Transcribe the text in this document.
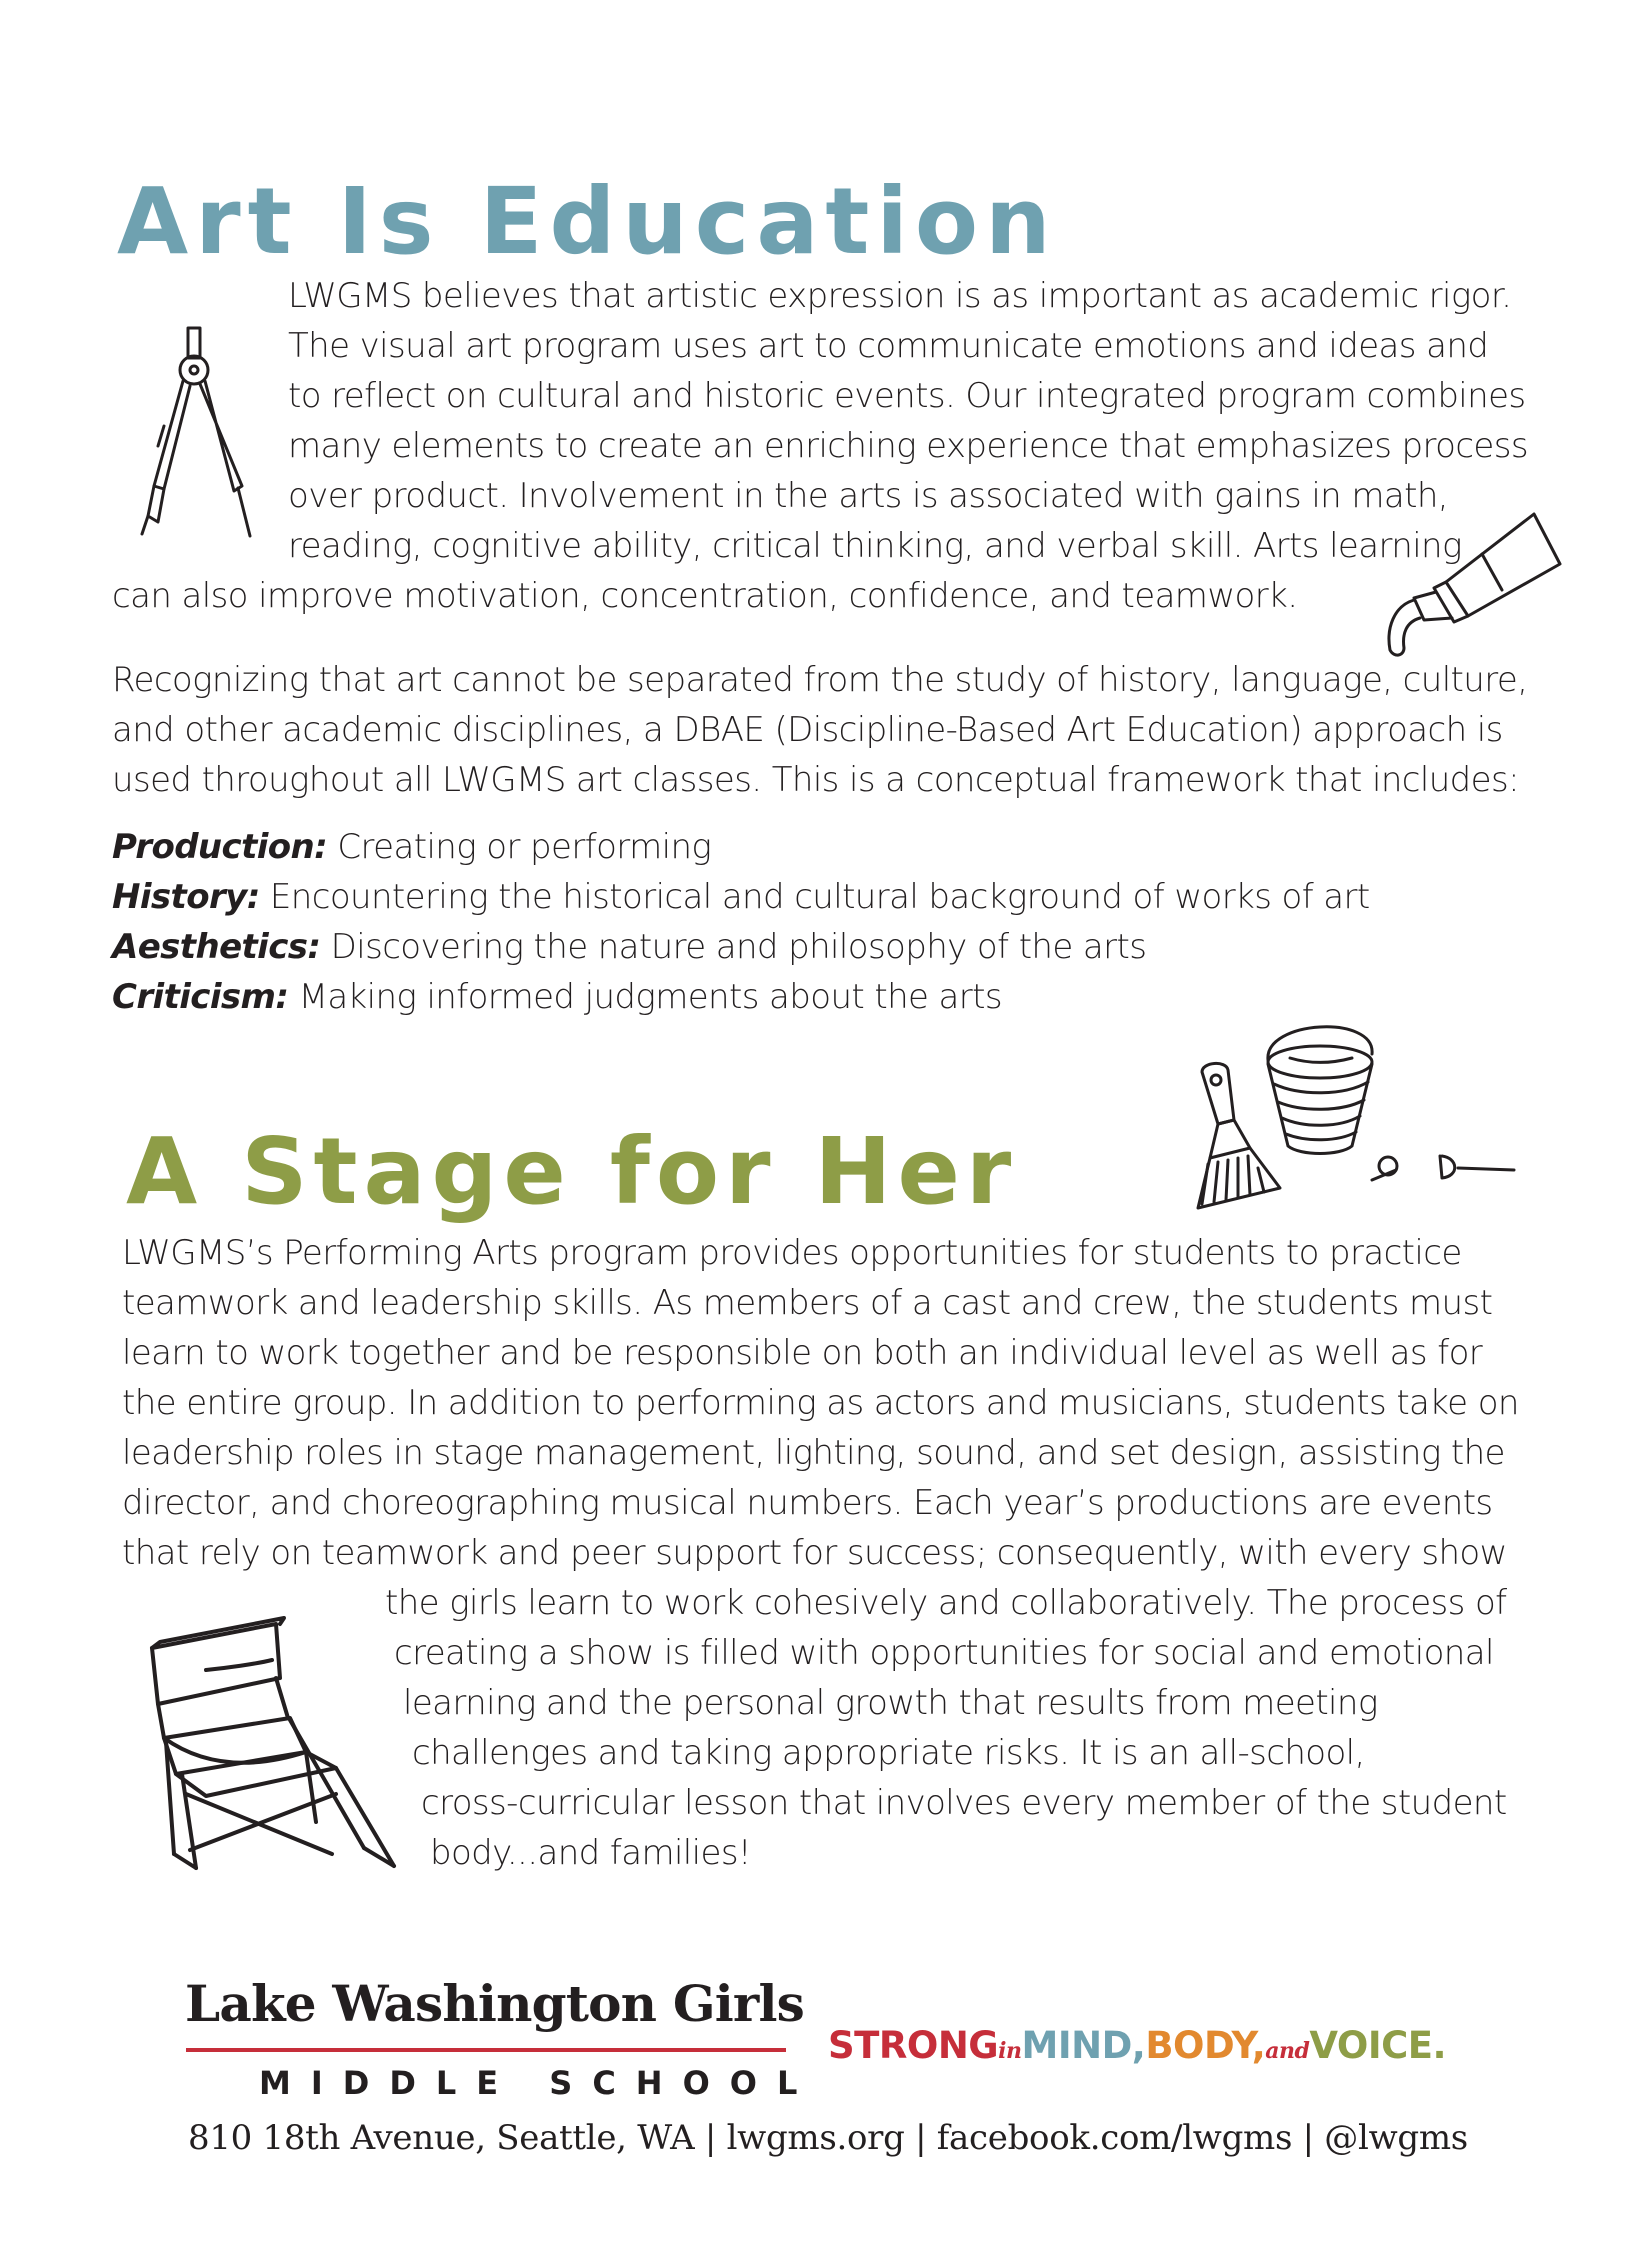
Art Is Education
LWGMS believes that artistic expression is as important as academic rigor.
The visual art program uses art to communicate emotions and ideas and
to reflect on cultural and historic events. Our integrated program combines
many elements to create an enriching experience that emphasizes process
over product. Involvement in the arts is associated with gains in math,
reading, cognitive ability, critical thinking, and verbal skill. Arts learning
can also improve motivation, concentration, confidence, and teamwork.
Recognizing that art cannot be separated from the study of history, language, culture,
and other academic disciplines, a DBAE (Discipline-Based Art Education) approach is
used throughout all LWGMS art classes. This is a conceptual framework that includes:
Production: Creating or performing
History: Encountering the historical and cultural background of works of art
Aesthetics: Discovering the nature and philosophy of the arts
Criticism: Making informed judgments about the arts
A Stage for Her
LWGMS’s Performing Arts program provides opportunities for students to practice
teamwork and leadership skills. As members of a cast and crew, the students must
learn to work together and be responsible on both an individual level as well as for
the entire group. In addition to performing as actors and musicians, students take on
leadership roles in stage management, lighting, sound, and set design, assisting the
director, and choreographing musical numbers. Each year’s productions are events
that rely on teamwork and peer support for success; consequently, with every show
the girls learn to work cohesively and collaboratively. The process of
creating a show is filled with opportunities for social and emotional
learning and the personal growth that results from meeting
challenges and taking appropriate risks. It is an all-school,
cross-curricular lesson that involves every member of the student
body...and families!
Lake Washington Girls
MIDDLE SCHOOL
STRONGinMIND,BODY,andVOICE.
810 18th Avenue, Seattle, WA | lwgms.org | facebook.com/lwgms | @lwgms
